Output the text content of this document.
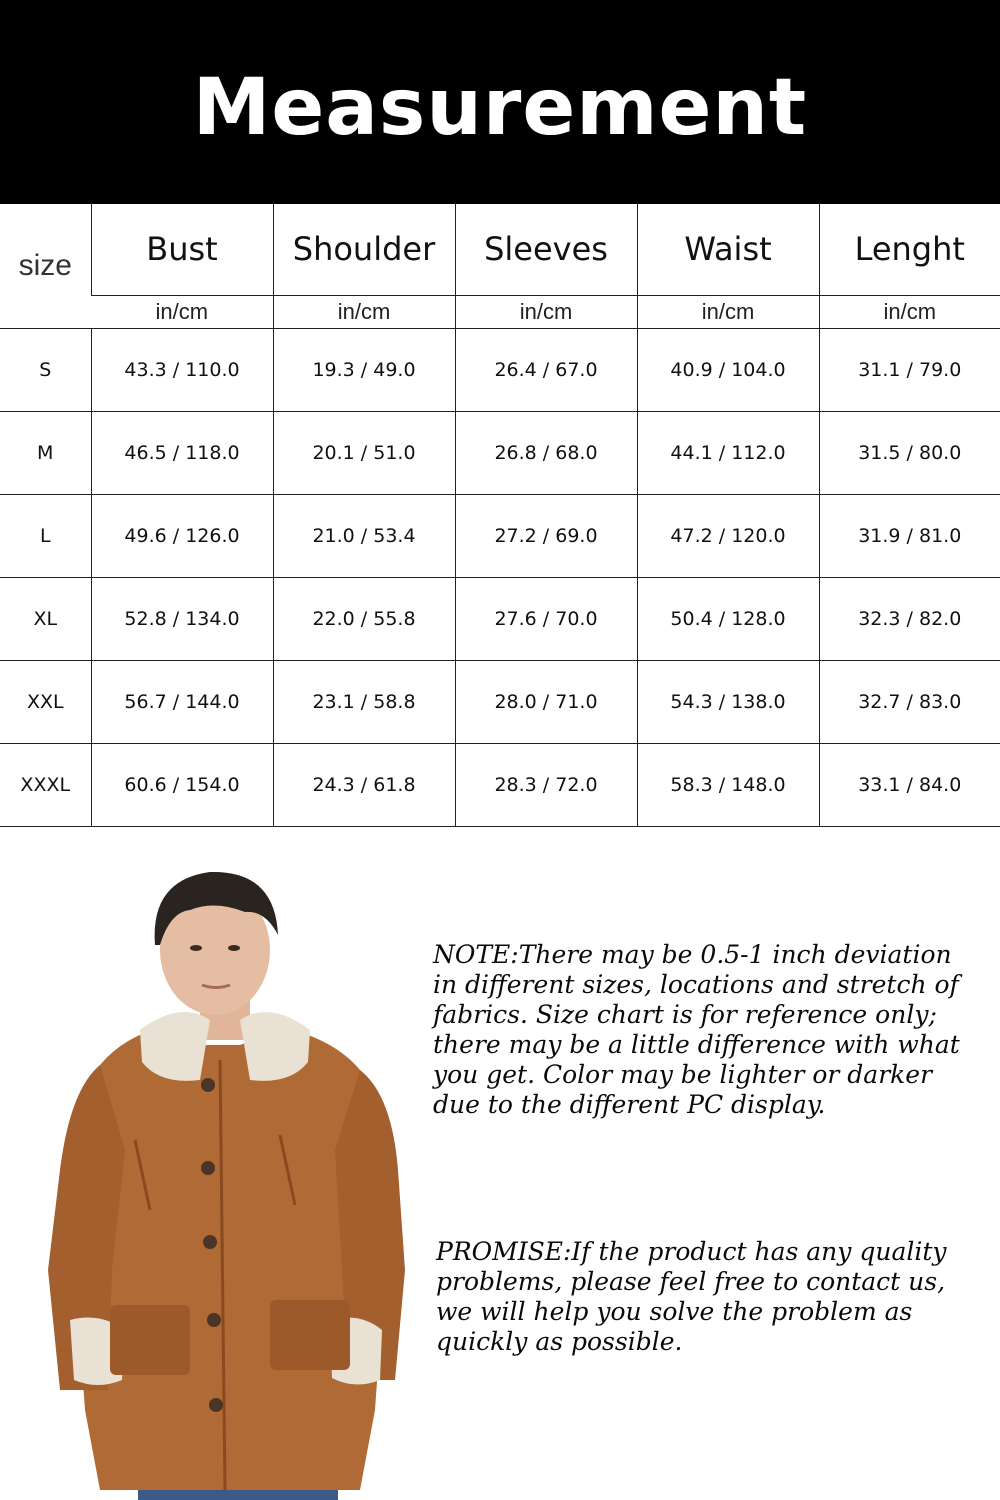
Measurement
size	Bust	Shoulder	Sleeves	Waist	Lenght
	in/cm	in/cm	in/cm	in/cm	in/cm
S	43.3 / 110.0	19.3 / 49.0	26.4 / 67.0	40.9 / 104.0	31.1 / 79.0
M	46.5 / 118.0	20.1 / 51.0	26.8 / 68.0	44.1 / 112.0	31.5 / 80.0
L	49.6 / 126.0	21.0 / 53.4	27.2 / 69.0	47.2 / 120.0	31.9 / 81.0
XL	52.8 / 134.0	22.0 / 55.8	27.6 / 70.0	50.4 / 128.0	32.3 / 82.0
XXL	56.7 / 144.0	23.1 / 58.8	28.0 / 71.0	54.3 / 138.0	32.7 / 83.0
XXXL	60.6 / 154.0	24.3 / 61.8	28.3 / 72.0	58.3 / 148.0	33.1 / 84.0

NOTE:There may be 0.5-1 inch deviation in different sizes, locations and stretch of fabrics. Size chart is for reference only; there may be a little difference with what you get. Color may be lighter or darker due to the different PC display.

PROMISE:If the product has any quality problems, please feel free to contact us, we will help you solve the problem as quickly as possible.
